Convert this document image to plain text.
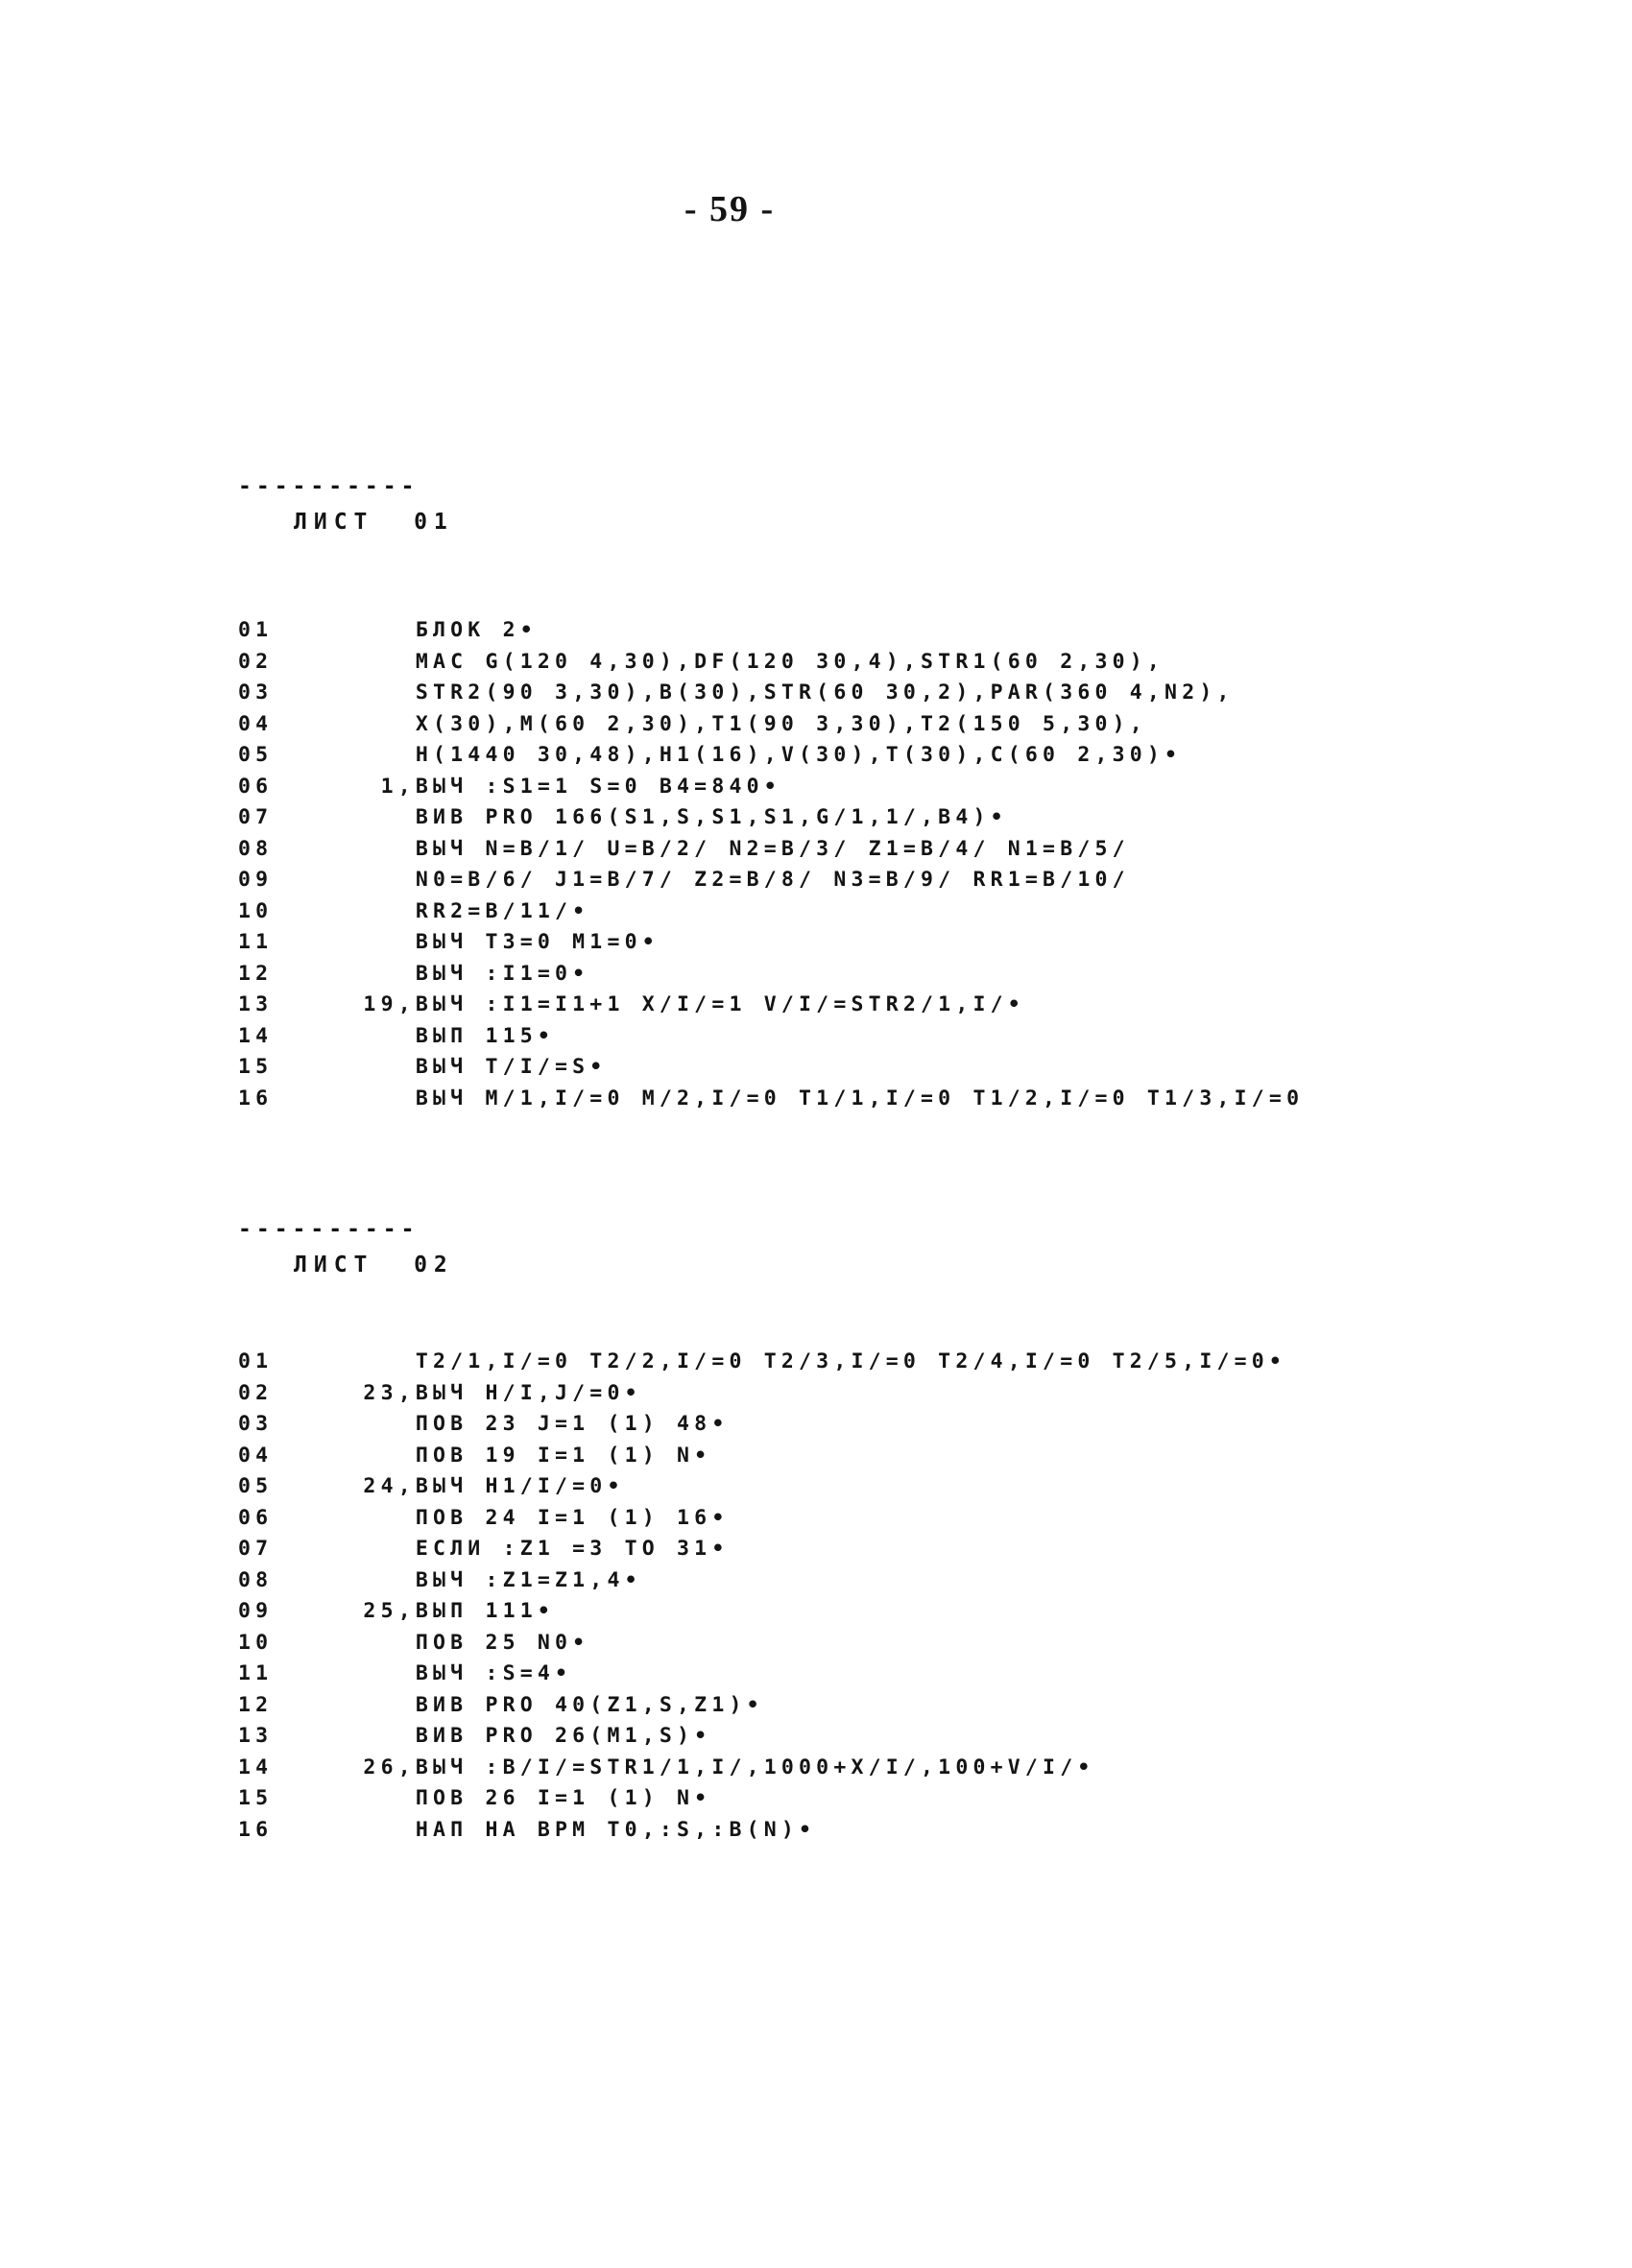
- 59 -
----------
ЛИСТ  01
01	БЛОК 2•
02	МАС G(120 4,30),DF(120 30,4),STR1(60 2,30),
03	STR2(90 3,30),B(30),STR(60 30,2),PAR(360 4,N2),
04	X(30),M(60 2,30),T1(90 3,30),T2(150 5,30),
05	H(1440 30,48),H1(16),V(30),T(30),C(60 2,30)•
06	1,ВЫЧ :S1=1 S=0 B4=840•
07	ВИВ PRO 166(S1,S,S1,S1,G/1,1/,B4)•
08	ВЫЧ N=B/1/ U=B/2/ N2=B/3/ Z1=B/4/ N1=B/5/
09	N0=B/6/ J1=B/7/ Z2=B/8/ N3=B/9/ RR1=B/10/
10	RR2=B/11/•
11	ВЫЧ T3=0 M1=0•
12	ВЫЧ :I1=0•
13	19,ВЫЧ :I1=I1+1 X/I/=1 V/I/=STR2/1,I/•
14	ВЫП 115•
15	ВЫЧ T/I/=S•
16	ВЫЧ M/1,I/=0 M/2,I/=0 T1/1,I/=0 T1/2,I/=0 T1/3,I/=0
----------
ЛИСТ  02
01	T2/1,I/=0 T2/2,I/=0 T2/3,I/=0 T2/4,I/=0 T2/5,I/=0•
02	23,ВЫЧ H/I,J/=0•
03	ПОВ 23 J=1 (1) 48•
04	ПОВ 19 I=1 (1) N•
05	24,ВЫЧ H1/I/=0•
06	ПОВ 24 I=1 (1) 16•
07	ЕСЛИ :Z1 =3 ТО 31•
08	ВЫЧ :Z1=Z1,4•
09	25,ВЫП 111•
10	ПОВ 25 N0•
11	ВЫЧ :S=4•
12	ВИВ PRO 40(Z1,S,Z1)•
13	ВИВ PRO 26(M1,S)•
14	26,ВЫЧ :B/I/=STR1/1,I/,1000+X/I/,100+V/I/•
15	ПОВ 26 I=1 (1) N•
16	НАП НА ВРМ T0,:S,:B(N)•
